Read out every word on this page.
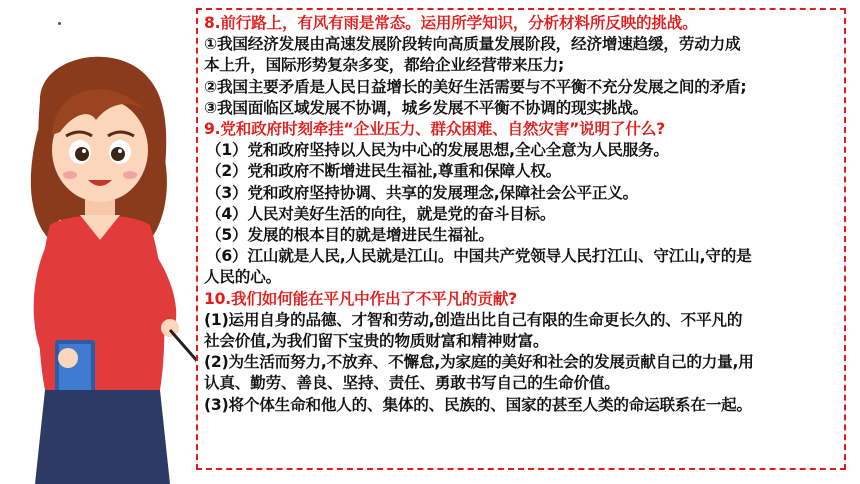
8.前行路上，有风有雨是常态。运用所学知识，分析材料所反映的挑战。
①我国经济发展由高速发展阶段转向高质量发展阶段，经济增速趋缓，劳动力成
本上升，国际形势复杂多变，都给企业经营带来压力;
②我国主要矛盾是人民日益增长的美好生活需要与不平衡不充分发展之间的矛盾;
③我国面临区域发展不协调，城乡发展不平衡不协调的现实挑战。
9.党和政府时刻牵挂“企业压力、群众困难、自然灾害”说明了什么?
（1）党和政府坚持以人民为中心的发展思想,全心全意为人民服务。
（2）党和政府不断增进民生福祉,尊重和保障人权。
（3）党和政府坚持协调、共享的发展理念,保障社会公平正义。
（4）人民对美好生活的向往，就是党的奋斗目标。
（5）发展的根本目的就是增进民生福祉。
（6）江山就是人民,人民就是江山。中国共产党领导人民打江山、守江山,守的是
人民的心。
10.我们如何能在平凡中作出了不平凡的贡献?
(1)运用自身的品德、才智和劳动,创造出比自己有限的生命更长久的、不平凡的
社会价值,为我们留下宝贵的物质财富和精神财富。
(2)为生活而努力,不放弃、不懈怠,为家庭的美好和社会的发展贡献自己的力量,用
认真、勤劳、善良、坚持、责任、勇敢书写自己的生命价值。
(3)将个体生命和他人的、集体的、民族的、国家的甚至人类的命运联系在一起。
